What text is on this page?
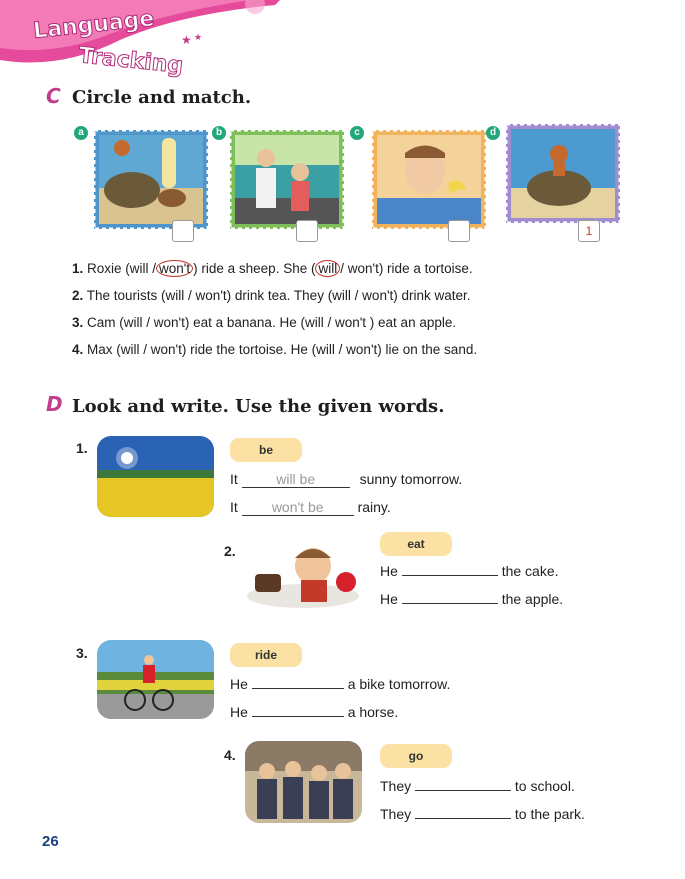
Language
Tracking
★ ★
C Circle and match.
a	b	c	d
1
1. Roxie (will / won't ) ride a sheep. She ( will / won't) ride a tortoise.
2. The tourists (will / won't) drink tea. They (will / won't) drink water.
3. Cam (will / won't) eat a banana. He (will / won't ) eat an apple.
4. Max (will / won't) ride the tortoise. He (will / won't) lie on the sand.
D Look and write. Use the given words.
1.	be
It	will be	sunny tomorrow.
It won't be rainy.
2.	eat
He	the cake.
He	the apple.
3.	ride
He	a bike tomorrow.
He	a horse.
4.	go
They	to school.
They	to the park.
26
